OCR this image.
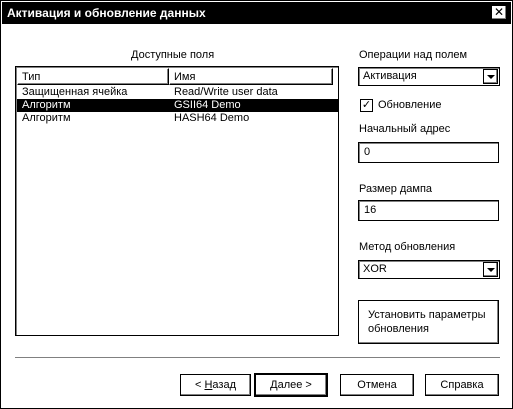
Активация и обновление данных	✕
Доступные поля
Тип	Имя
Защищенная ячейка	Read/Write user data
Алгоритм	GSII64 Demo
Алгоритм	HASH64 Demo
Операции над полем
Активация
✓ Обновление
Начальный адрес
0
Размер дампа
16
Метод обновления
XOR
Установить параметры
обновления
< Назад	Далее >	Отмена	Справка
